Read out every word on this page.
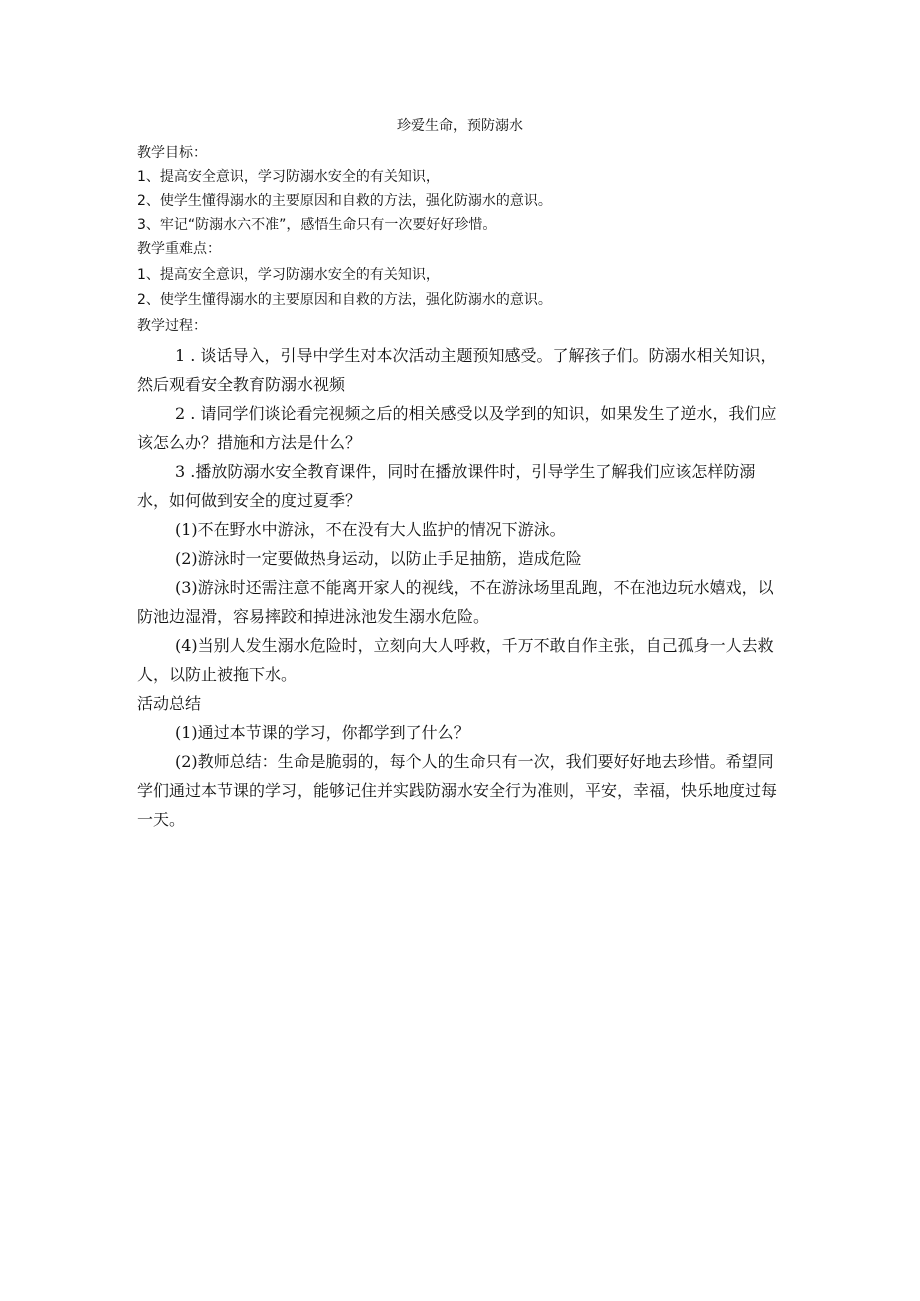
珍爱生命，预防溺水
教学目标：
1、提高安全意识，学习防溺水安全的有关知识，
2、使学生懂得溺水的主要原因和自救的方法，强化防溺水的意识。
3、牢记“防溺水六不准”，感悟生命只有一次要好好珍惜。
教学重难点：
1、提高安全意识，学习防溺水安全的有关知识，
2、使学生懂得溺水的主要原因和自救的方法，强化防溺水的意识。
教学过程：
1 . 谈话导入，引导中学生对本次活动主题预知感受。了解孩子们。防溺水相关知识，然后观看安全教育防溺水视频
2 . 请同学们谈论看完视频之后的相关感受以及学到的知识，如果发生了逆水，我们应该怎么办？措施和方法是什么？
3 .播放防溺水安全教育课件，同时在播放课件时，引导学生了解我们应该怎样防溺水，如何做到安全的度过夏季？
(1)不在野水中游泳，不在没有大人监护的情况下游泳。
(2)游泳时一定要做热身运动，以防止手足抽筋，造成危险
(3)游泳时还需注意不能离开家人的视线，不在游泳场里乱跑，不在池边玩水嬉戏，以防池边湿滑，容易摔跤和掉进泳池发生溺水危险。
(4)当别人发生溺水危险时，立刻向大人呼救，千万不敢自作主张，自己孤身一人去救人，以防止被拖下水。
活动总结
(1)通过本节课的学习，你都学到了什么？
(2)教师总结：生命是脆弱的，每个人的生命只有一次，我们要好好地去珍惜。希望同学们通过本节课的学习，能够记住并实践防溺水安全行为准则，平安，幸福，快乐地度过每一天。
